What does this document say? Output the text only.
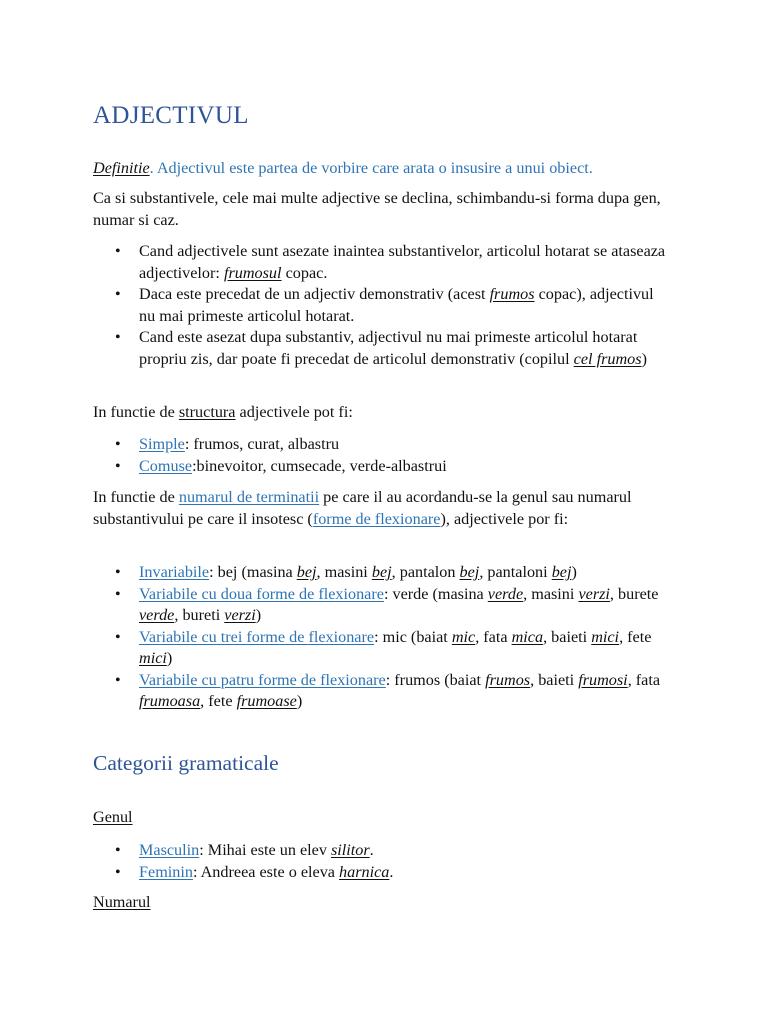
ADJECTIVUL

Definitie. Adjectivul este partea de vorbire care arata o insusire a unui obiect.

Ca si substantivele, cele mai multe adjective se declina, schimbandu-si forma dupa gen, numar si caz.

• Cand adjectivele sunt asezate inaintea substantivelor, articolul hotarat se ataseaza adjectivelor: frumosul copac.
• Daca este precedat de un adjectiv demonstrativ (acest frumos copac), adjectivul nu mai primeste articolul hotarat.
• Cand este asezat dupa substantiv, adjectivul nu mai primeste articolul hotarat propriu zis, dar poate fi precedat de articolul demonstrativ (copilul cel frumos)

In functie de structura adjectivele pot fi:

• Simple: frumos, curat, albastru
• Comuse:binevoitor, cumsecade, verde-albastrui

In functie de numarul de terminatii pe care il au acordandu-se la genul sau numarul substantivului pe care il insotesc (forme de flexionare), adjectivele por fi:

• Invariabile: bej (masina bej, masini bej, pantalon bej, pantaloni bej)
• Variabile cu doua forme de flexionare: verde (masina verde, masini verzi, burete verde, bureti verzi)
• Variabile cu trei forme de flexionare: mic (baiat mic, fata mica, baieti mici, fete mici)
• Variabile cu patru forme de flexionare: frumos (baiat frumos, baieti frumosi, fata frumoasa, fete frumoase)
Categorii gramaticale

Genul

• Masculin: Mihai este un elev silitor.
• Feminin: Andreea este o eleva harnica.

Numarul
